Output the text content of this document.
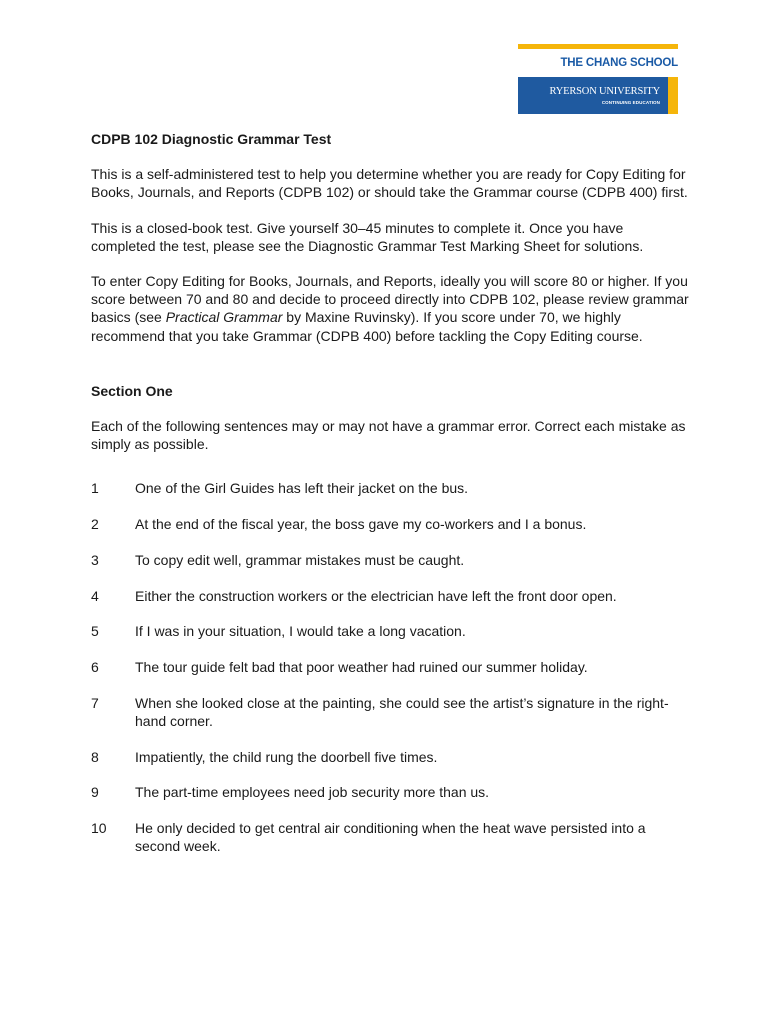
THE CHANG SCHOOL
RYERSON UNIVERSITY
CONTINUING EDUCATION
CDPB 102 Diagnostic Grammar Test
This is a self-administered test to help you determine whether you are ready for Copy Editing for Books, Journals, and Reports (CDPB 102) or should take the Grammar course (CDPB 400) first.
This is a closed-book test. Give yourself 30–45 minutes to complete it. Once you have completed the test, please see the Diagnostic Grammar Test Marking Sheet for solutions.
To enter Copy Editing for Books, Journals, and Reports, ideally you will score 80 or higher. If you score between 70 and 80 and decide to proceed directly into CDPB 102, please review grammar basics (see Practical Grammar by Maxine Ruvinsky). If you score under 70, we highly recommend that you take Grammar (CDPB 400) before tackling the Copy Editing course.
Section One
Each of the following sentences may or may not have a grammar error. Correct each mistake as simply as possible.
1	One of the Girl Guides has left their jacket on the bus.
2	At the end of the fiscal year, the boss gave my co-workers and I a bonus.
3	To copy edit well, grammar mistakes must be caught.
4	Either the construction workers or the electrician have left the front door open.
5	If I was in your situation, I would take a long vacation.
6	The tour guide felt bad that poor weather had ruined our summer holiday.
7	When she looked close at the painting, she could see the artist’s signature in the right-hand corner.
8	Impatiently, the child rung the doorbell five times.
9	The part-time employees need job security more than us.
10	He only decided to get central air conditioning when the heat wave persisted into a second week.
